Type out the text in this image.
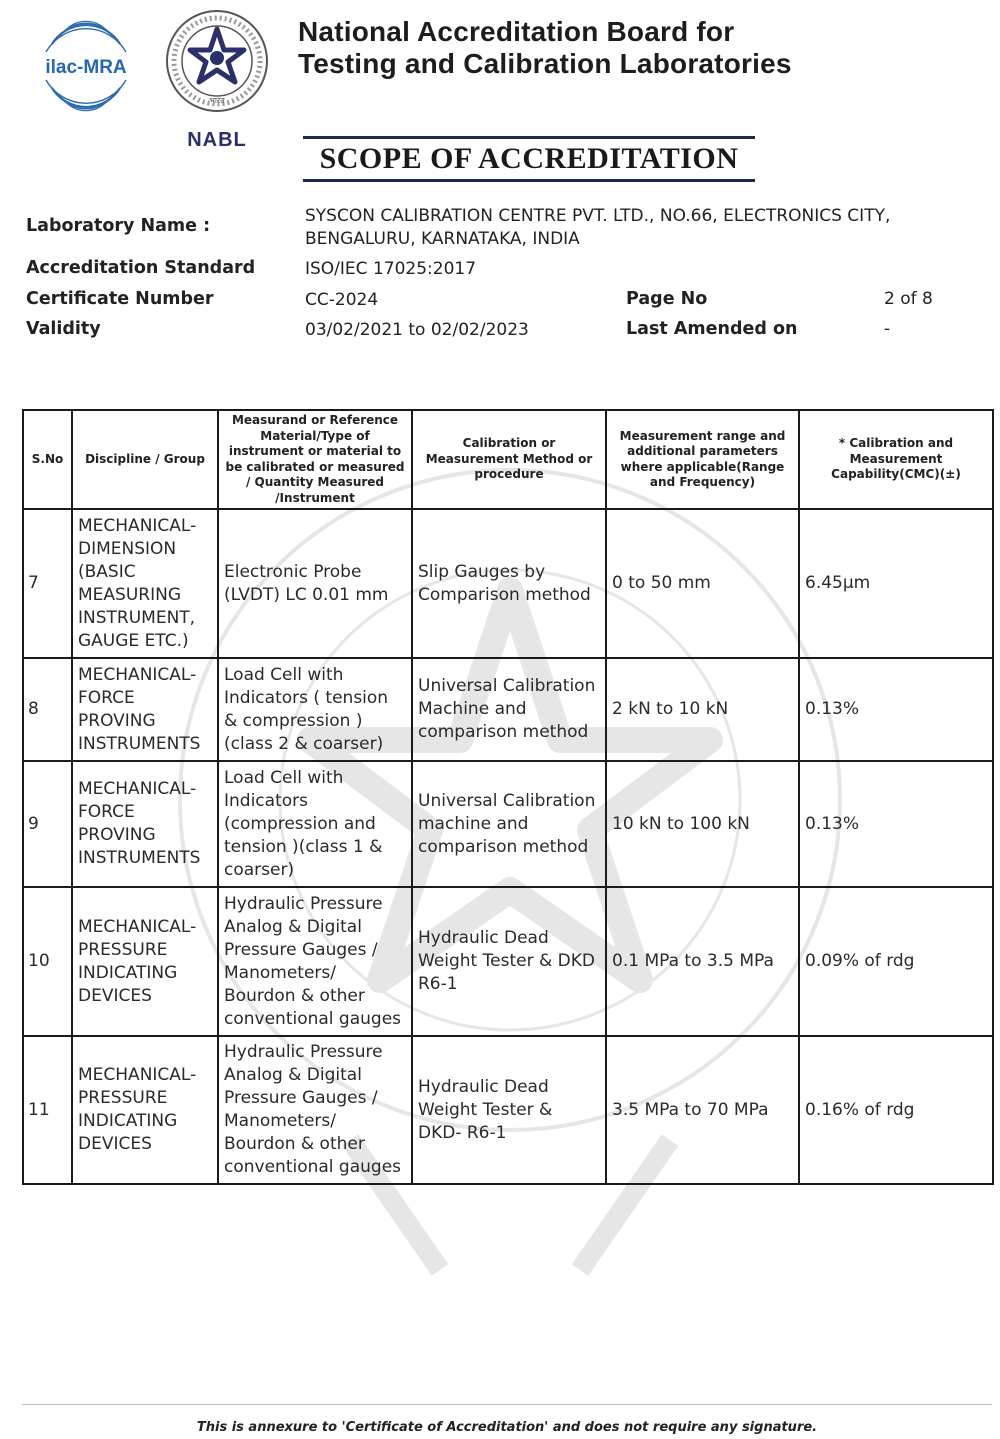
ilac-MRA
भारत
NABL
National Accreditation Board for
Testing and Calibration Laboratories
SCOPE OF ACCREDITATION
Laboratory Name :	SYSCON CALIBRATION CENTRE PVT. LTD., NO.66, ELECTRONICS CITY,
BENGALURU, KARNATAKA, INDIA
Accreditation Standard	ISO/IEC 17025:2017
Certificate Number	CC-2024	Page No	2 of 8
Validity	03/02/2021 to 02/02/2023	Last Amended on	-
S.No	Discipline / Group	Measurand or Reference Material/Type of instrument or material to be calibrated or measured / Quantity Measured /Instrument	Calibration or Measurement Method or procedure	Measurement range and additional parameters where applicable(Range and Frequency)	* Calibration and Measurement Capability(CMC)(±)
7	MECHANICAL- DIMENSION (BASIC MEASURING INSTRUMENT, GAUGE ETC.)	Electronic Probe (LVDT) LC 0.01 mm	Slip Gauges by Comparison method	0 to 50 mm	6.45µm
8	MECHANICAL- FORCE PROVING INSTRUMENTS	Load Cell with Indicators ( tension & compression )(class 2 & coarser)	Universal Calibration Machine and comparison method	2 kN to 10 kN	0.13%
9	MECHANICAL- FORCE PROVING INSTRUMENTS	Load Cell with Indicators (compression and tension )(class 1 & coarser)	Universal Calibration machine and comparison method	10 kN to 100 kN	0.13%
10	MECHANICAL- PRESSURE INDICATING DEVICES	Hydraulic Pressure Analog & Digital Pressure Gauges / Manometers/ Bourdon & other conventional gauges	Hydraulic Dead Weight Tester & DKD R6-1	0.1 MPa to 3.5 MPa	0.09% of rdg
11	MECHANICAL- PRESSURE INDICATING DEVICES	Hydraulic Pressure Analog & Digital Pressure Gauges / Manometers/ Bourdon & other conventional gauges	Hydraulic Dead Weight Tester & DKD- R6-1	3.5 MPa to 70 MPa	0.16% of rdg
This is annexure to 'Certificate of Accreditation' and does not require any signature.
